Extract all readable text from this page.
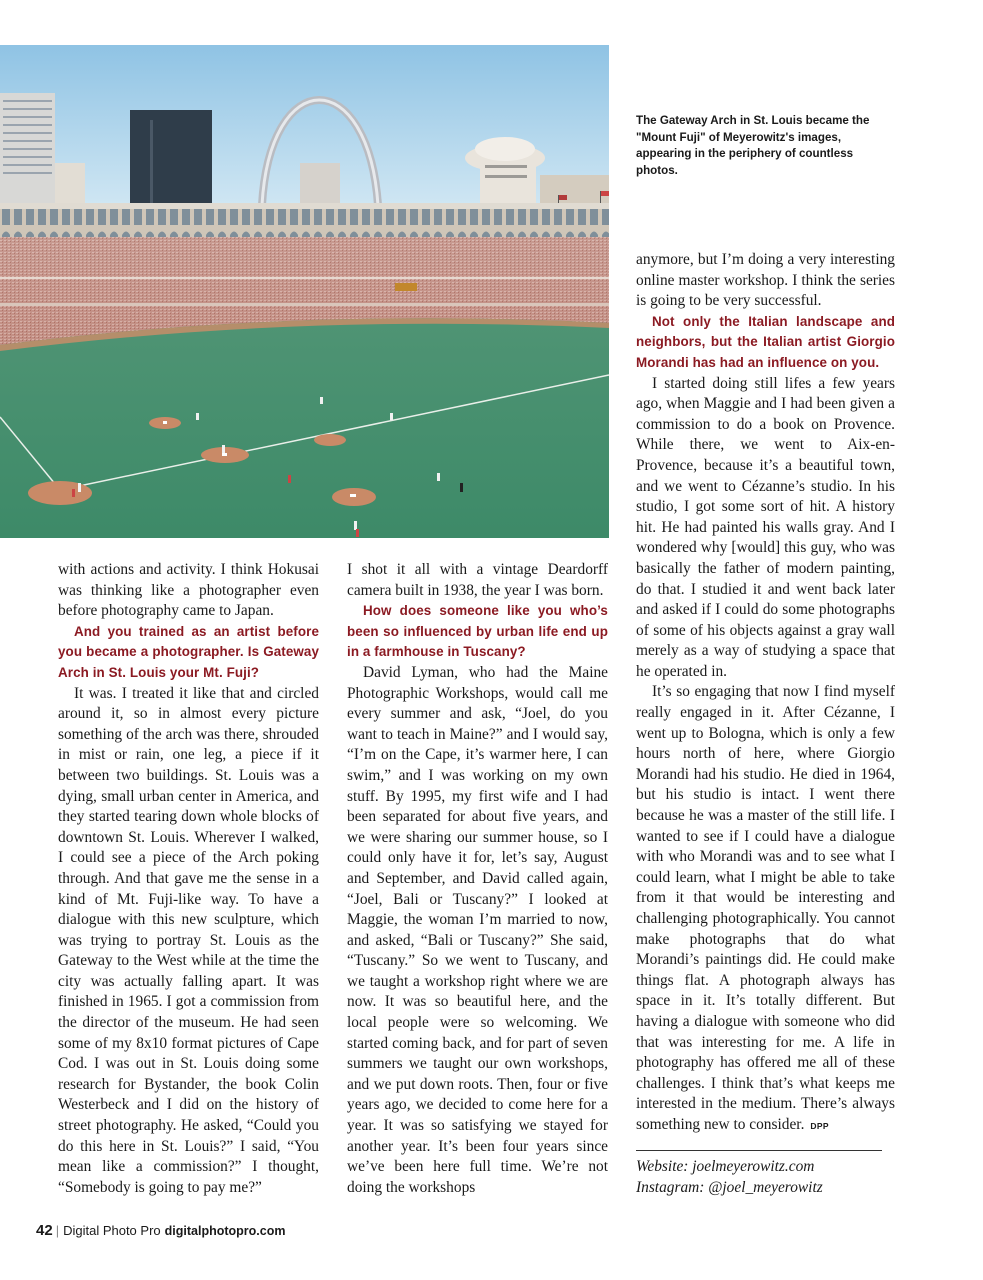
The Gateway Arch in St. Louis became the "Mount Fuji" of Meyerowitz's images, appearing in the periphery of countless photos.

with actions and activity. I think Hokusai was thinking like a photographer even before photography came to Japan.

And you trained as an artist before you became a photographer. Is Gateway Arch in St. Louis your Mt. Fuji?

It was. I treated it like that and circled around it, so in almost every picture something of the arch was there, shrouded in mist or rain, one leg, a piece if it between two buildings. St. Louis was a dying, small urban center in America, and they started tearing down whole blocks of downtown St. Louis. Wherever I walked, I could see a piece of the Arch poking through. And that gave me the sense in a kind of Mt. Fuji-like way. To have a dialogue with this new sculpture, which was trying to portray St. Louis as the Gateway to the West while at the time the city was actually falling apart. It was finished in 1965. I got a commission from the director of the museum. He had seen some of my 8x10 format pictures of Cape Cod. I was out in St. Louis doing some research for Bystander, the book Colin Westerbeck and I did on the history of street photography. He asked, “Could you do this here in St. Louis?” I said, “You mean like a commission?” I thought, “Somebody is going to pay me?”

I shot it all with a vintage Deardorff camera built in 1938, the year I was born.

How does someone like you who’s been so influenced by urban life end up in a farmhouse in Tuscany?

David Lyman, who had the Maine Photographic Workshops, would call me every summer and ask, “Joel, do you want to teach in Maine?” and I would say, “I’m on the Cape, it’s warmer here, I can swim,” and I was working on my own stuff. By 1995, my first wife and I had been separated for about five years, and we were sharing our summer house, so I could only have it for, let’s say, August and September, and David called again, “Joel, Bali or Tuscany?” I looked at Maggie, the woman I’m married to now, and asked, “Bali or Tuscany?” She said, “Tuscany.” So we went to Tuscany, and we taught a workshop right where we are now. It was so beautiful here, and the local people were so welcoming. We started coming back, and for part of seven summers we taught our own workshops, and we put down roots. Then, four or five years ago, we decided to come here for a year. It was so satisfying we stayed for another year. It’s been four years since we’ve been here full time. We’re not doing the workshops

anymore, but I’m doing a very interesting online master workshop. I think the series is going to be very successful.

Not only the Italian landscape and neighbors, but the Italian artist Giorgio Morandi has had an influence on you.

I started doing still lifes a few years ago, when Maggie and I had been given a commission to do a book on Provence. While there, we went to Aix-en-Provence, because it’s a beautiful town, and we went to Cézanne’s studio. In his studio, I got some sort of hit. A history hit. He had painted his walls gray. And I wondered why [would] this guy, who was basically the father of modern painting, do that. I studied it and went back later and asked if I could do some photographs of some of his objects against a gray wall merely as a way of studying a space that he operated in.

It’s so engaging that now I find myself really engaged in it. After Cézanne, I went up to Bologna, which is only a few hours north of here, where Giorgio Morandi had his studio. He died in 1964, but his studio is intact. I went there because he was a master of the still life. I wanted to see if I could have a dialogue with who Morandi was and to see what I could learn, what I might be able to take from it that would be interesting and challenging photographically. You cannot make photographs that do what Morandi’s paintings did. He could make things flat. A photograph always has space in it. It’s totally different. But having a dialogue with someone who did that was interesting for me. A life in photography has offered me all of these challenges. I think that’s what keeps me interested in the medium. There’s always something new to consider. DPP

Website: joelmeyerowitz.com
Instagram: @joel_meyerowitz
42 | Digital Photo Pro digitalphotopro.com
